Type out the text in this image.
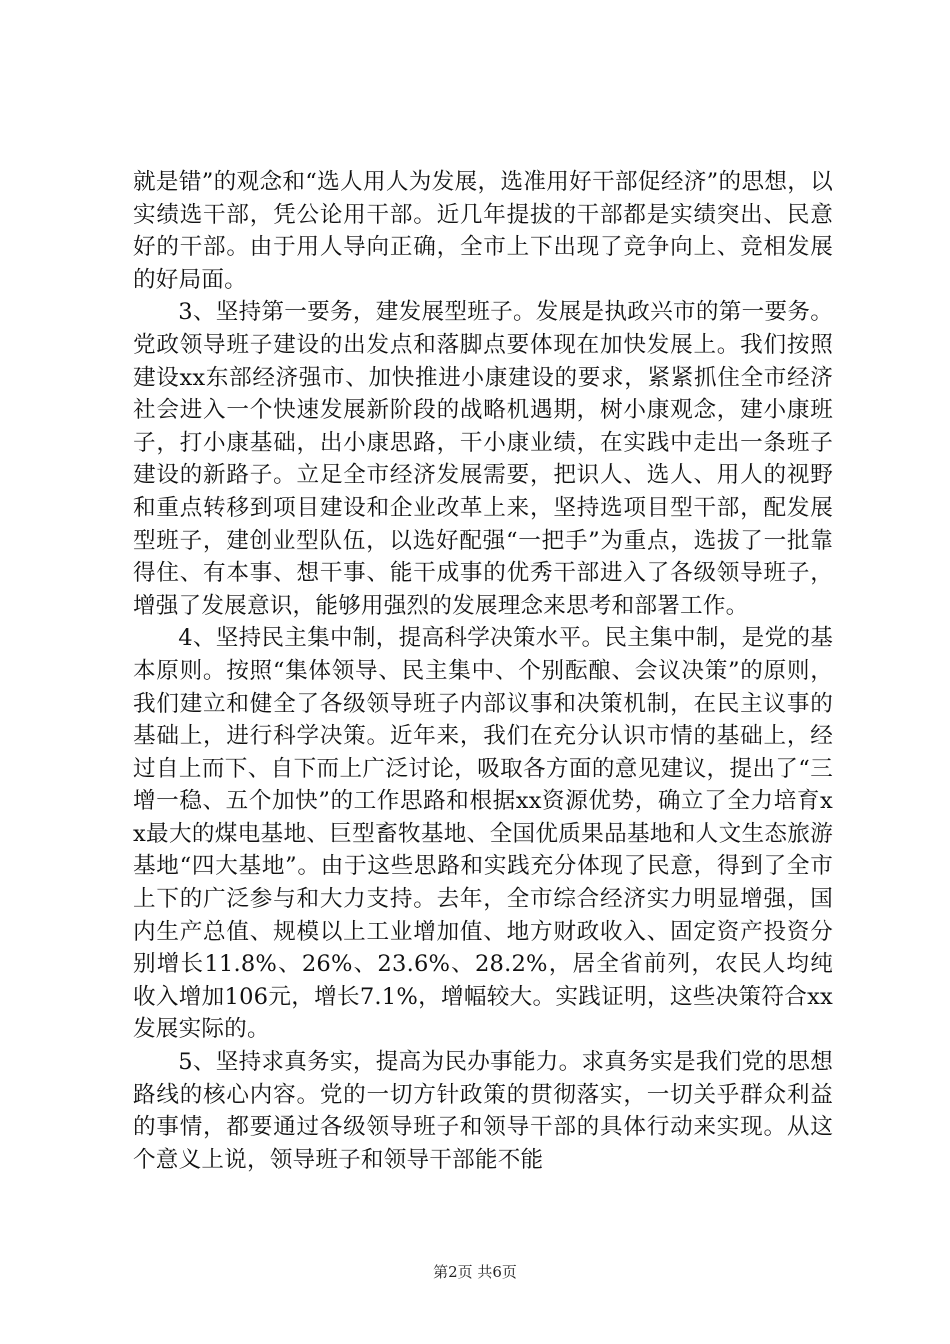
就是错”的观念和“选人用人为发展，选准用好干部促经济”的思想，以实绩选干部，凭公论用干部。近几年提拔的干部都是实绩突出、民意好的干部。由于用人导向正确，全市上下出现了竞争向上、竞相发展的好局面。

3、坚持第一要务，建发展型班子。发展是执政兴市的第一要务。党政领导班子建设的出发点和落脚点要体现在加快发展上。我们按照建设xx东部经济强市、加快推进小康建设的要求，紧紧抓住全市经济社会进入一个快速发展新阶段的战略机遇期，树小康观念，建小康班子，打小康基础，出小康思路，干小康业绩，在实践中走出一条班子建设的新路子。立足全市经济发展需要，把识人、选人、用人的视野和重点转移到项目建设和企业改革上来，坚持选项目型干部，配发展型班子，建创业型队伍，以选好配强“一把手”为重点，选拔了一批靠得住、有本事、想干事、能干成事的优秀干部进入了各级领导班子，增强了发展意识，能够用强烈的发展理念来思考和部署工作。

4、坚持民主集中制，提高科学决策水平。民主集中制，是党的基本原则。按照“集体领导、民主集中、个别酝酿、会议决策”的原则，我们建立和健全了各级领导班子内部议事和决策机制，在民主议事的基础上，进行科学决策。近年来，我们在充分认识市情的基础上，经过自上而下、自下而上广泛讨论，吸取各方面的意见建议，提出了“三增一稳、五个加快”的工作思路和根据xx资源优势，确立了全力培育xx最大的煤电基地、巨型畜牧基地、全国优质果品基地和人文生态旅游基地“四大基地”。由于这些思路和实践充分体现了民意，得到了全市上下的广泛参与和大力支持。去年，全市综合经济实力明显增强，国内生产总值、规模以上工业增加值、地方财政收入、固定资产投资分别增长11.8%、26%、23.6%、28.2%，居全省前列，农民人均纯收入增加106元，增长7.1%，增幅较大。实践证明，这些决策符合xx发展实际的。

5、坚持求真务实，提高为民办事能力。求真务实是我们党的思想路线的核心内容。党的一切方针政策的贯彻落实，一切关乎群众利益的事情，都要通过各级领导班子和领导干部的具体行动来实现。从这个意义上说，领导班子和领导干部能不能

第2页 共6页
